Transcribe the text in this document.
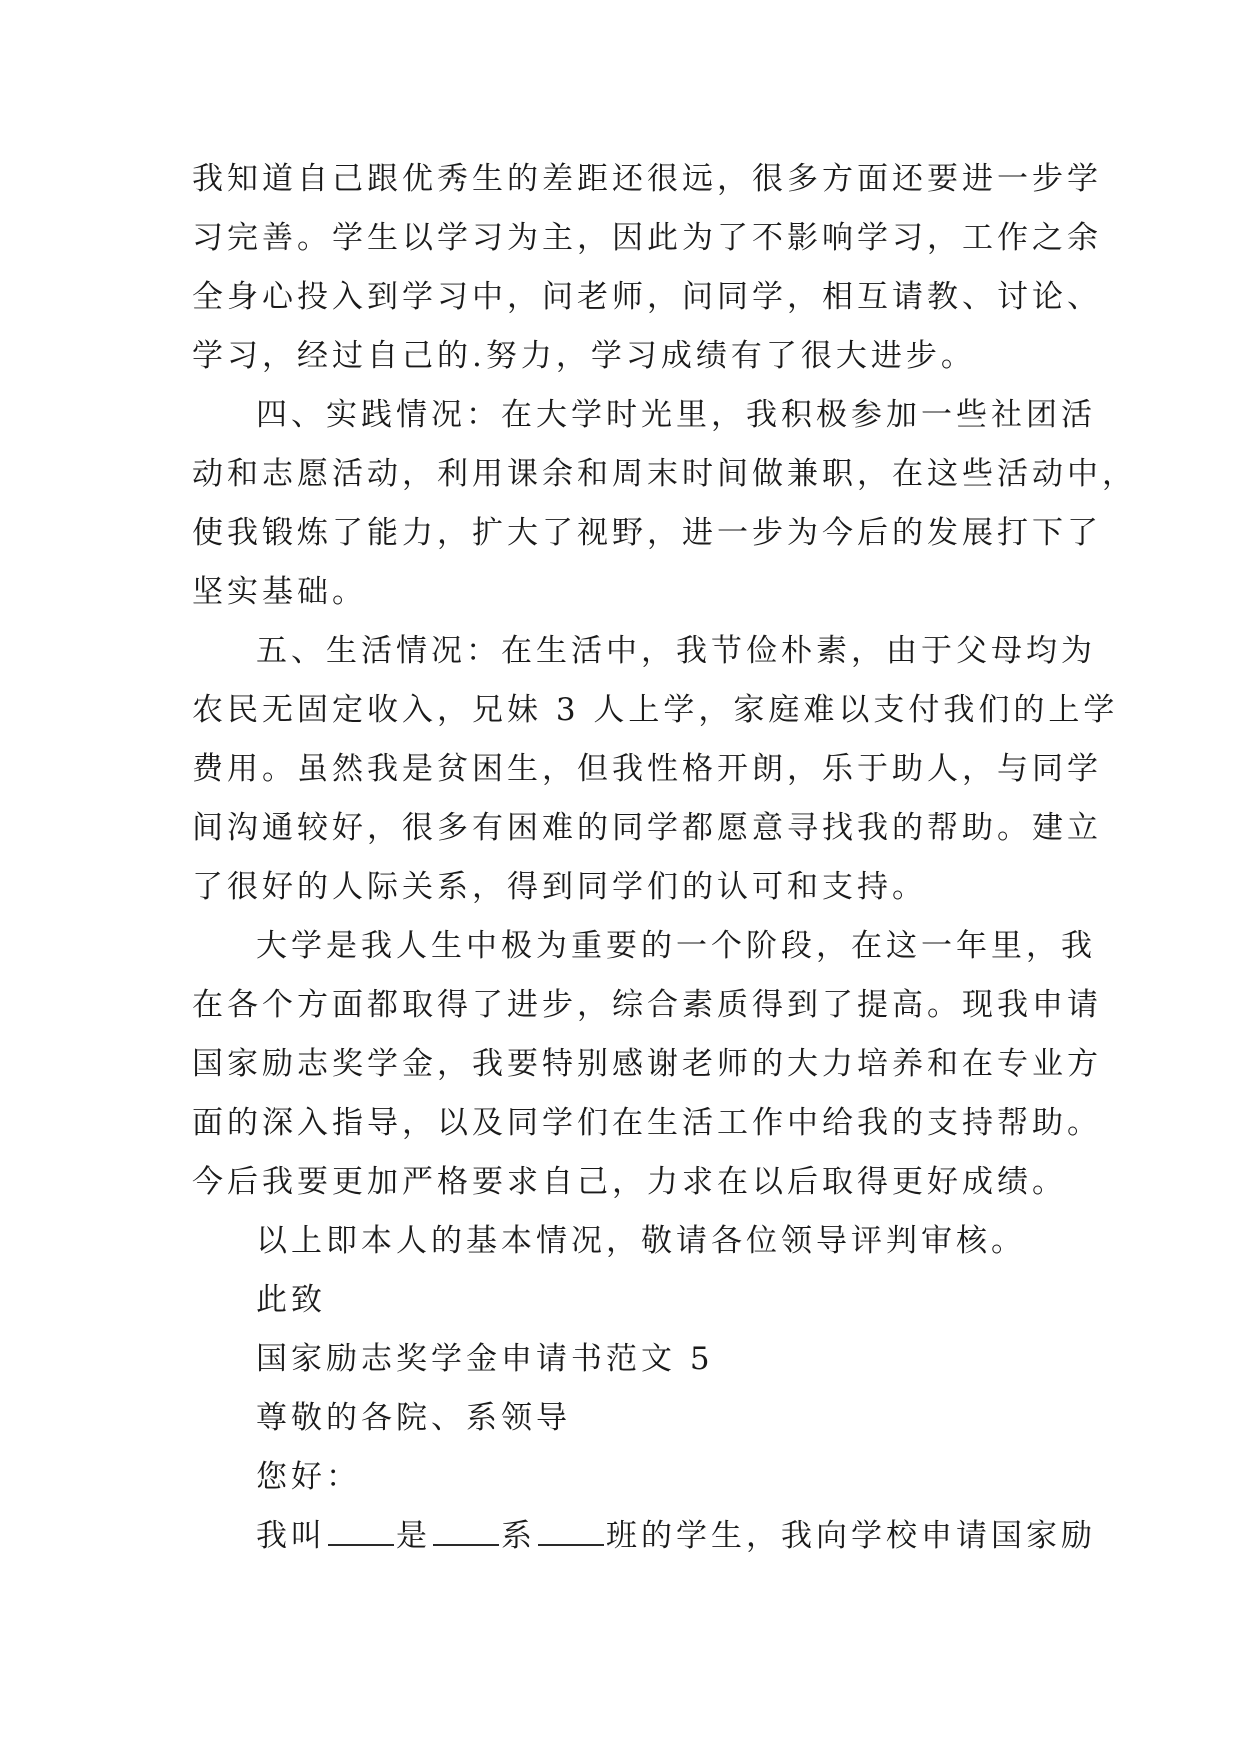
我知道自己跟优秀生的差距还很远，很多方面还要进一步学
习完善。学生以学习为主，因此为了不影响学习，工作之余
全身心投入到学习中，问老师，问同学，相互请教、讨论、
学习，经过自己的.努力，学习成绩有了很大进步。
四、实践情况：在大学时光里，我积极参加一些社团活
动和志愿活动，利用课余和周末时间做兼职，在这些活动中，
使我锻炼了能力，扩大了视野，进一步为今后的发展打下了
坚实基础。
五、生活情况：在生活中，我节俭朴素，由于父母均为
农民无固定收入，兄妹 3 人上学，家庭难以支付我们的上学
费用。虽然我是贫困生，但我性格开朗，乐于助人，与同学
间沟通较好，很多有困难的同学都愿意寻找我的帮助。建立
了很好的人际关系，得到同学们的认可和支持。
大学是我人生中极为重要的一个阶段，在这一年里，我
在各个方面都取得了进步，综合素质得到了提高。现我申请
国家励志奖学金，我要特别感谢老师的大力培养和在专业方
面的深入指导，以及同学们在生活工作中给我的支持帮助。
今后我要更加严格要求自己，力求在以后取得更好成绩。
以上即本人的基本情况，敬请各位领导评判审核。
此致
国家励志奖学金申请书范文 5
尊敬的各院、系领导
您好：
我叫 是 系 班的学生，我向学校申请国家励
